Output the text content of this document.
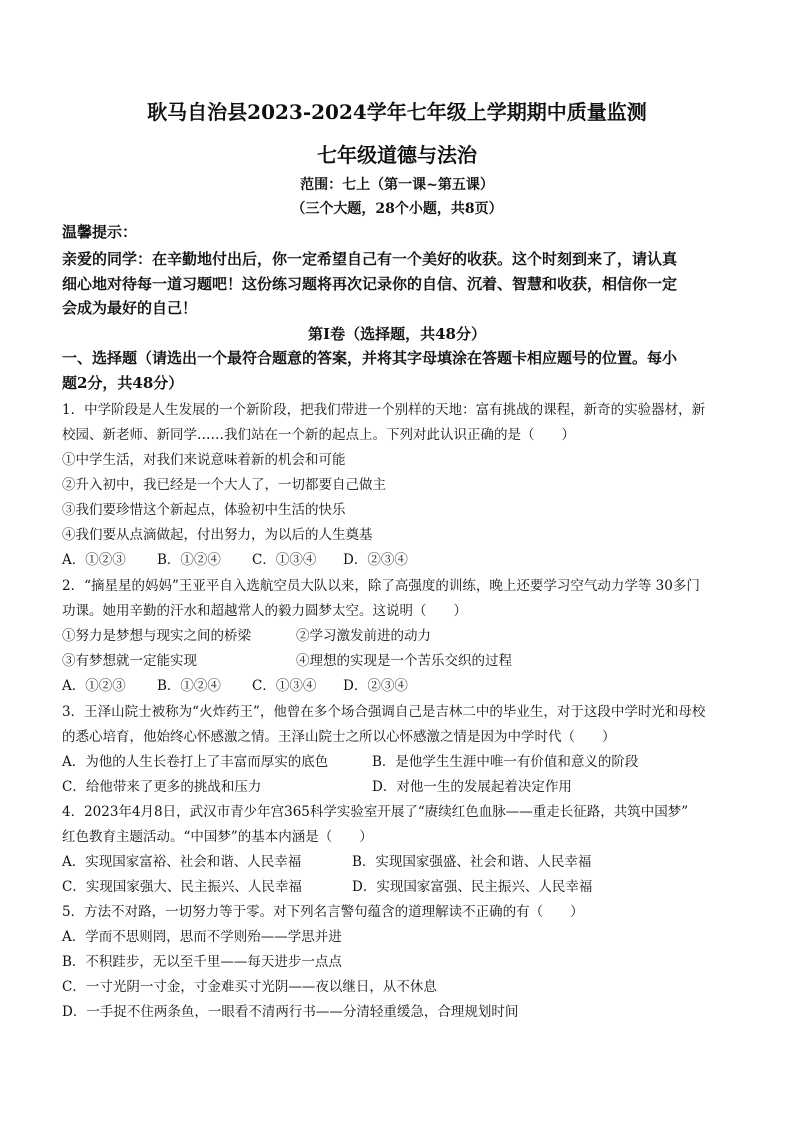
耿马自治县2023-2024学年七年级上学期期中质量监测
七年级道德与法治
范围：七上（第一课~第五课）
（三个大题，28个小题，共8页）
温馨提示：
亲爱的同学：在辛勤地付出后，你一定希望自己有一个美好的收获。这个时刻到来了，请认真
细心地对待每一道习题吧！这份练习题将再次记录你的自信、沉着、智慧和收获，相信你一定
会成为最好的自己！
第Ⅰ卷（选择题，共48分）
一、选择题（请选出一个最符合题意的答案，并将其字母填涂在答题卡相应题号的位置。每小
题2分，共48分）
1．中学阶段是人生发展的一个新阶段，把我们带进一个别样的天地：富有挑战的课程，新奇的实验器材，新
校园、新老师、新同学……我们站在一个新的起点上。下列对此认识正确的是（　　）
①中学生活，对我们来说意味着新的机会和可能
②升入初中，我已经是一个大人了，一切都要自己做主
③我们要珍惜这个新起点，体验初中生活的快乐
④我们要从点滴做起，付出努力，为以后的人生奠基
A．①②③ B．①②④ C．①③④ D．②③④
2．“摘星星的妈妈”王亚平自入选航空员大队以来，除了高强度的训练，晚上还要学习空气动力学等 30多门
功课。她用辛勤的汗水和超越常人的毅力圆梦太空。这说明（　　）
①努力是梦想与现实之间的桥梁	②学习激发前进的动力
③有梦想就一定能实现	④理想的实现是一个苦乐交织的过程
A．①②③ B．①②④ C．①③④ D．②③④
3．王泽山院士被称为“火炸药王”，他曾在多个场合强调自己是吉林二中的毕业生，对于这段中学时光和母校
的悉心培育，他始终心怀感激之情。王泽山院士之所以心怀感激之情是因为中学时代（　　）
A．为他的人生长卷打上了丰富而厚实的底色	B．是他学生生涯中唯一有价值和意义的阶段
C．给他带来了更多的挑战和压力	D．对他一生的发展起着决定作用
4．2023年4月8日，武汉市青少年宫365科学实验室开展了“赓续红色血脉——重走长征路，共筑中国梦”
红色教育主题活动。“中国梦”的基本内涵是（　　）
A．实现国家富裕、社会和谐、人民幸福	B．实现国家强盛、社会和谐、人民幸福
C．实现国家强大、民主振兴、人民幸福	D．实现国家富强、民主振兴、人民幸福
5．方法不对路，一切努力等于零。对下列名言警句蕴含的道理解读不正确的有（　　）
A．学而不思则罔，思而不学则殆——学思并进
B．不积跬步，无以至千里——每天进步一点点
C．一寸光阴一寸金，寸金难买寸光阴——夜以继日，从不休息
D．一手捉不住两条鱼，一眼看不清两行书——分清轻重缓急，合理规划时间
